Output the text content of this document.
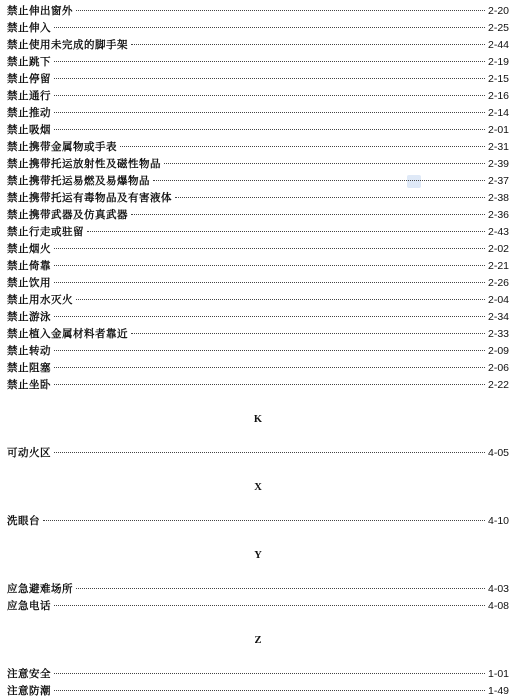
禁止伸出窗外	2-20
禁止伸入	2-25
禁止使用未完成的脚手架	2-44
禁止跳下	2-19
禁止停留	2-15
禁止通行	2-16
禁止推动	2-14
禁止吸烟	2-01
禁止携带金属物或手表	2-31
禁止携带托运放射性及磁性物品	2-39
禁止携带托运易燃及易爆物品	2-37
禁止携带托运有毒物品及有害液体	2-38
禁止携带武器及仿真武器	2-36
禁止行走或驻留	2-43
禁止烟火	2-02
禁止倚靠	2-21
禁止饮用	2-26
禁止用水灭火	2-04
禁止游泳	2-34
禁止植入金属材料者靠近	2-33
禁止转动	2-09
禁止阻塞	2-06
禁止坐卧	2-22
K
可动火区	4-05
X
洗眼台	4-10
Y
应急避难场所	4-03
应急电话	4-08
Z
注意安全	1-01
注意防潮	1-49
